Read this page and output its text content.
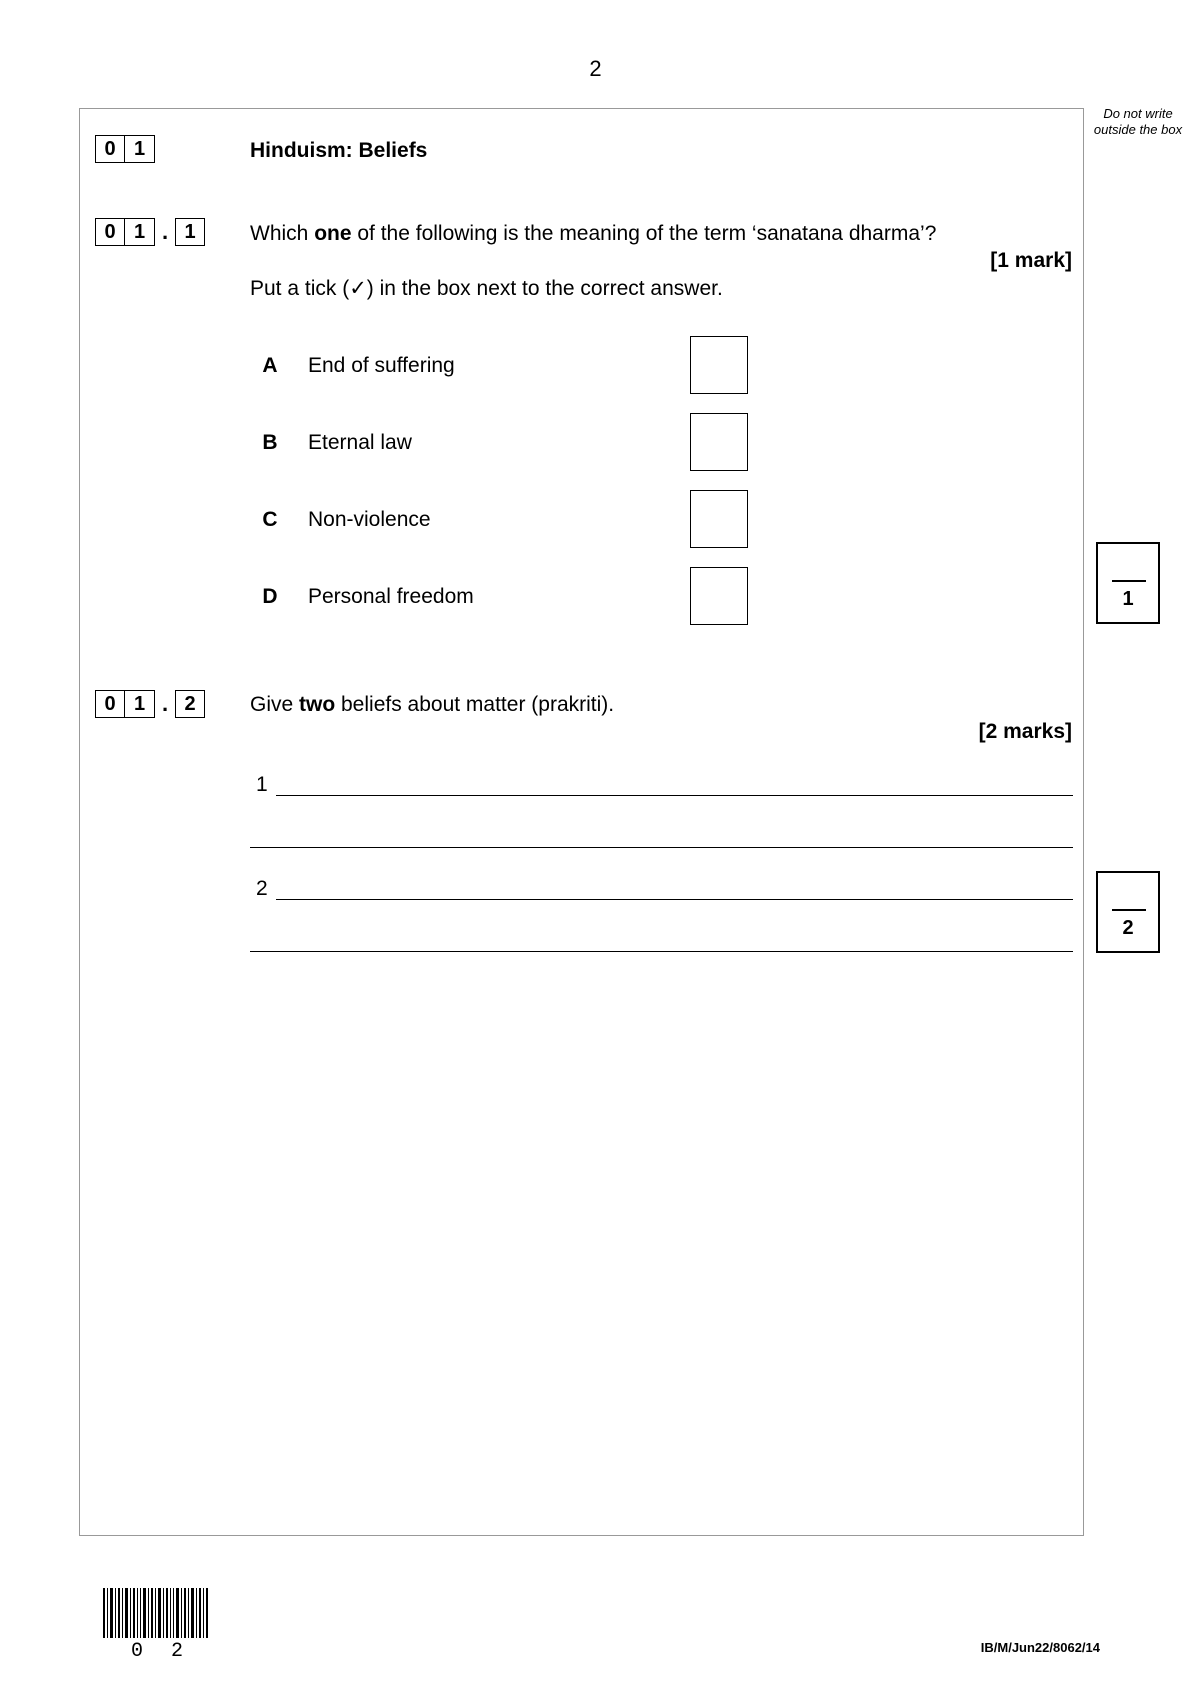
2
Do not write outside the box
0 1	Hinduism: Beliefs
0 1 . 1	Which one of the following is the meaning of the term ‘sanatana dharma’?
[1 mark]
Put a tick (✓) in the box next to the correct answer.
A	End of suffering
B	Eternal law
C	Non-violence
D	Personal freedom	1
0 1 . 2	Give two beliefs about matter (prakriti).
[2 marks]
1
2
2
0 2	IB/M/Jun22/8062/14
